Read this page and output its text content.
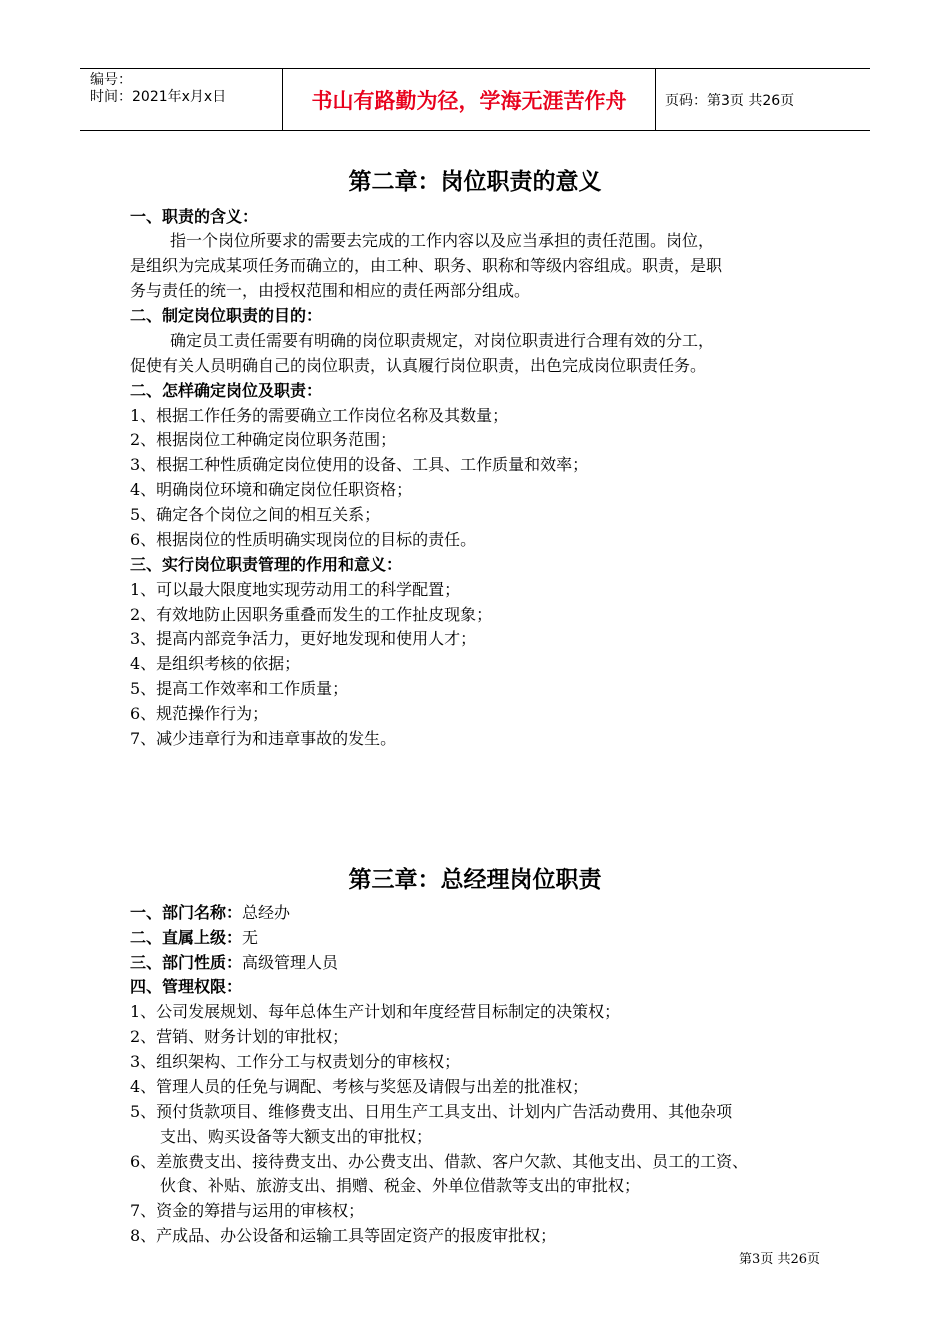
编号：
时间：2021年x月x日	书山有路勤为径，学海无涯苦作舟	页码：第3页 共26页
第二章：岗位职责的意义
一、职责的含义：
指一个岗位所要求的需要去完成的工作内容以及应当承担的责任范围。岗位，
是组织为完成某项任务而确立的，由工种、职务、职称和等级内容组成。职责，是职
务与责任的统一，由授权范围和相应的责任两部分组成。
二、制定岗位职责的目的：
确定员工责任需要有明确的岗位职责规定，对岗位职责进行合理有效的分工，
促使有关人员明确自己的岗位职责，认真履行岗位职责，出色完成岗位职责任务。
二、怎样确定岗位及职责：
1、根据工作任务的需要确立工作岗位名称及其数量；
2、根据岗位工种确定岗位职务范围；
3、根据工种性质确定岗位使用的设备、工具、工作质量和效率；
4、明确岗位环境和确定岗位任职资格；
5、确定各个岗位之间的相互关系；
6、根据岗位的性质明确实现岗位的目标的责任。
三、实行岗位职责管理的作用和意义：
1、可以最大限度地实现劳动用工的科学配置；
2、有效地防止因职务重叠而发生的工作扯皮现象；
3、提高内部竞争活力，更好地发现和使用人才；
4、是组织考核的依据；
5、提高工作效率和工作质量；
6、规范操作行为；
7、减少违章行为和违章事故的发生。
第三章：总经理岗位职责
一、部门名称：总经办
二、直属上级：无
三、部门性质：高级管理人员
四、管理权限：
1、公司发展规划、每年总体生产计划和年度经营目标制定的决策权；
2、营销、财务计划的审批权；
3、组织架构、工作分工与权责划分的审核权；
4、管理人员的任免与调配、考核与奖惩及请假与出差的批准权；
5、预付货款项目、维修费支出、日用生产工具支出、计划内广告活动费用、其他杂项
支出、购买设备等大额支出的审批权；
6、差旅费支出、接待费支出、办公费支出、借款、客户欠款、其他支出、员工的工资、
伙食、补贴、旅游支出、捐赠、税金、外单位借款等支出的审批权；
7、资金的筹措与运用的审核权；
8、产成品、办公设备和运输工具等固定资产的报废审批权；
第3页 共26页
